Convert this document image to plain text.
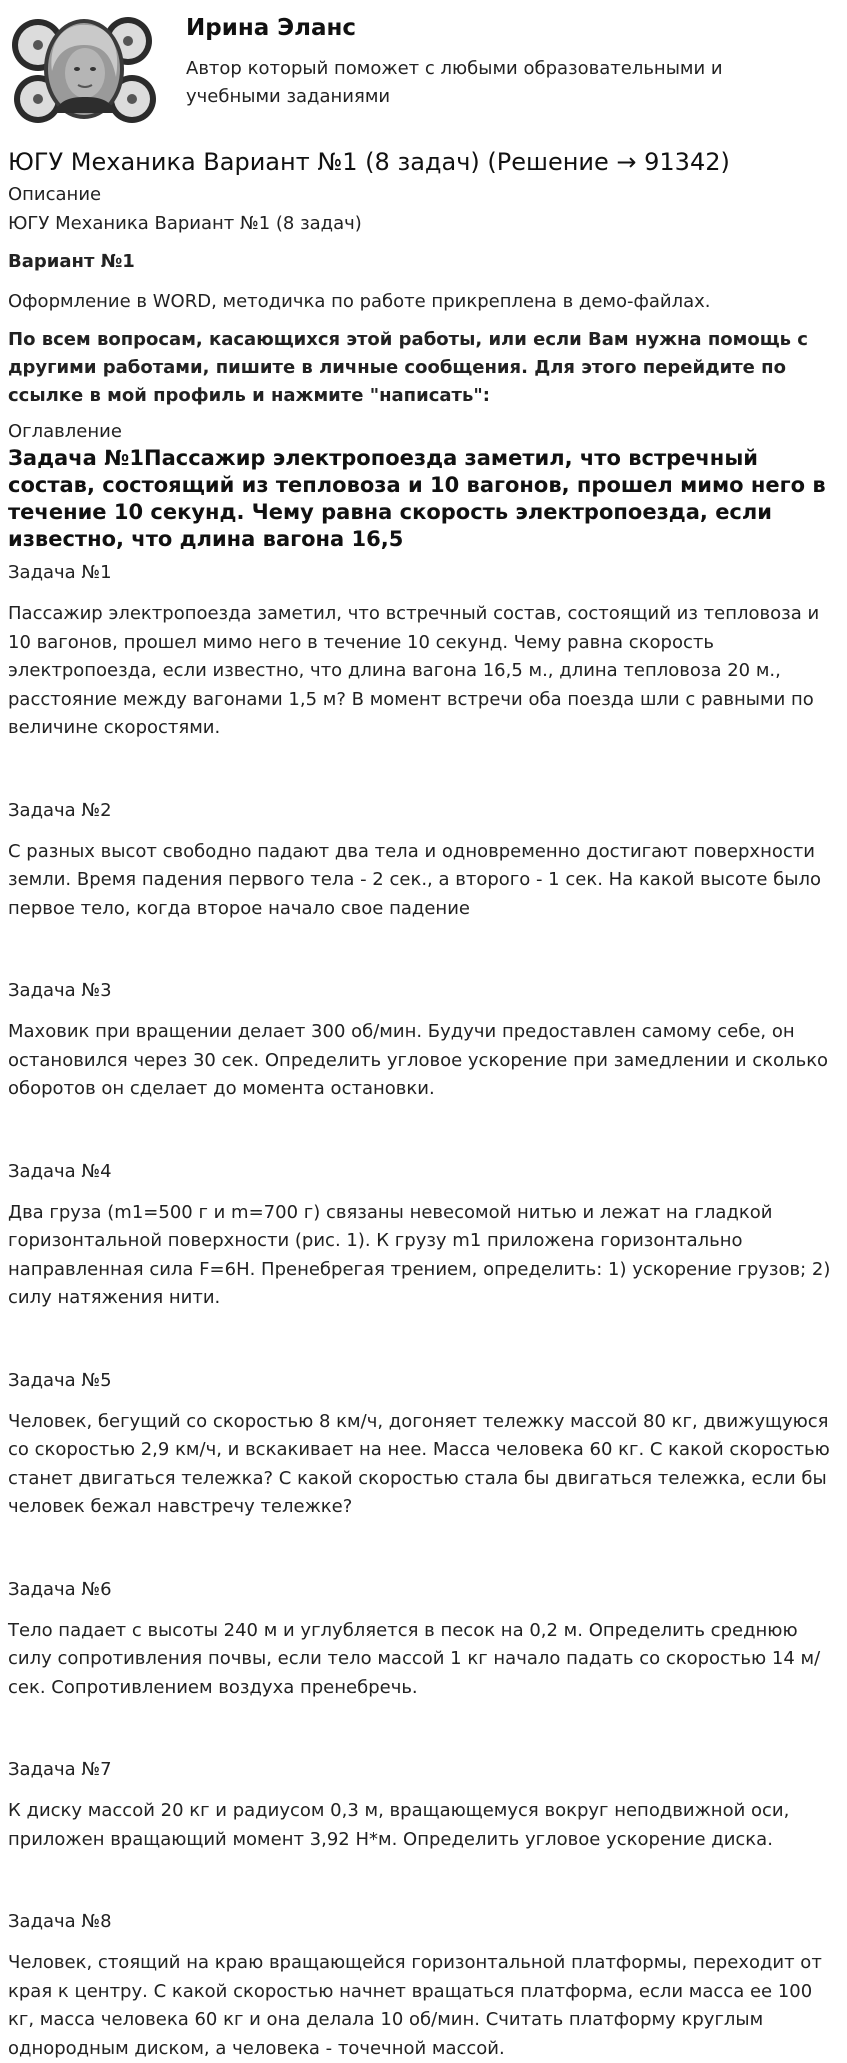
Ирина Эланс
Автор который поможет с любыми образовательными и учебными заданиями
ЮГУ Механика Вариант №1 (8 задач) (Решение → 91342)

Описание

ЮГУ Механика Вариант №1 (8 задач)

Вариант №1

Оформление в WORD, методичка по работе прикреплена в демо-файлах.

По всем вопросам, касающихся этой работы, или если Вам нужна помощь с другими работами, пишите в личные сообщения. Для этого перейдите по ссылке в мой профиль и нажмите "написать":

Оглавление

Задача №1Пассажир электропоезда заметил, что встречный состав, состоящий из тепловоза и 10 вагонов, прошел мимо него в течение 10 секунд. Чему равна скорость электропоезда, если известно, что длина вагона 16,5

Задача №1

Пассажир электропоезда заметил, что встречный состав, состоящий из тепловоза и 10 вагонов, прошел мимо него в течение 10 секунд. Чему равна скорость электропоезда, если известно, что длина вагона 16,5 м., длина тепловоза 20 м., расстояние между вагонами 1,5 м? В момент встречи оба поезда шли с равными по величине скоростями.

Задача №2

С разных высот свободно падают два тела и одновременно достигают поверхности земли. Время падения первого тела - 2 сек., а второго - 1 сек. На какой высоте было первое тело, когда второе начало свое падение

Задача №3

Маховик при вращении делает 300 об/мин. Будучи предоставлен самому себе, он остановился через 30 сек. Определить угловое ускорение при замедлении и сколько оборотов он сделает до момента остановки.

Задача №4

Два груза (m1=500 г и m=700 г) связаны невесомой нитью и лежат на гладкой горизонтальной поверхности (рис. 1). К грузу m1 приложена горизонтально направленная сила F=6Н. Пренебрегая трением, определить: 1) ускорение грузов; 2) силу натяжения нити.

Задача №5

Человек, бегущий со скоростью 8 км/ч, догоняет тележку массой 80 кг, движущуюся со скоростью 2,9 км/ч, и вскакивает на нее. Масса человека 60 кг. С какой скоростью станет двигаться тележка? С какой скоростью стала бы двигаться тележка, если бы человек бежал навстречу тележке?

Задача №6

Тело падает с высоты 240 м и углубляется в песок на 0,2 м. Определить среднюю силу сопротивления почвы, если тело массой 1 кг начало падать со скоростью 14 м/сек. Сопротивлением воздуха пренебречь.

Задача №7

К диску массой 20 кг и радиусом 0,3 м, вращающемуся вокруг неподвижной оси, приложен вращающий момент 3,92 Н*м. Определить угловое ускорение диска.

Задача №8

Человек, стоящий на краю вращающейся горизонтальной платформы, переходит от края к центру. С какой скоростью начнет вращаться платформа, если масса ее 100 кг, масса человека 60 кг и она делала 10 об/мин. Считать платформу круглым однородным диском, а человека - точечной массой.
